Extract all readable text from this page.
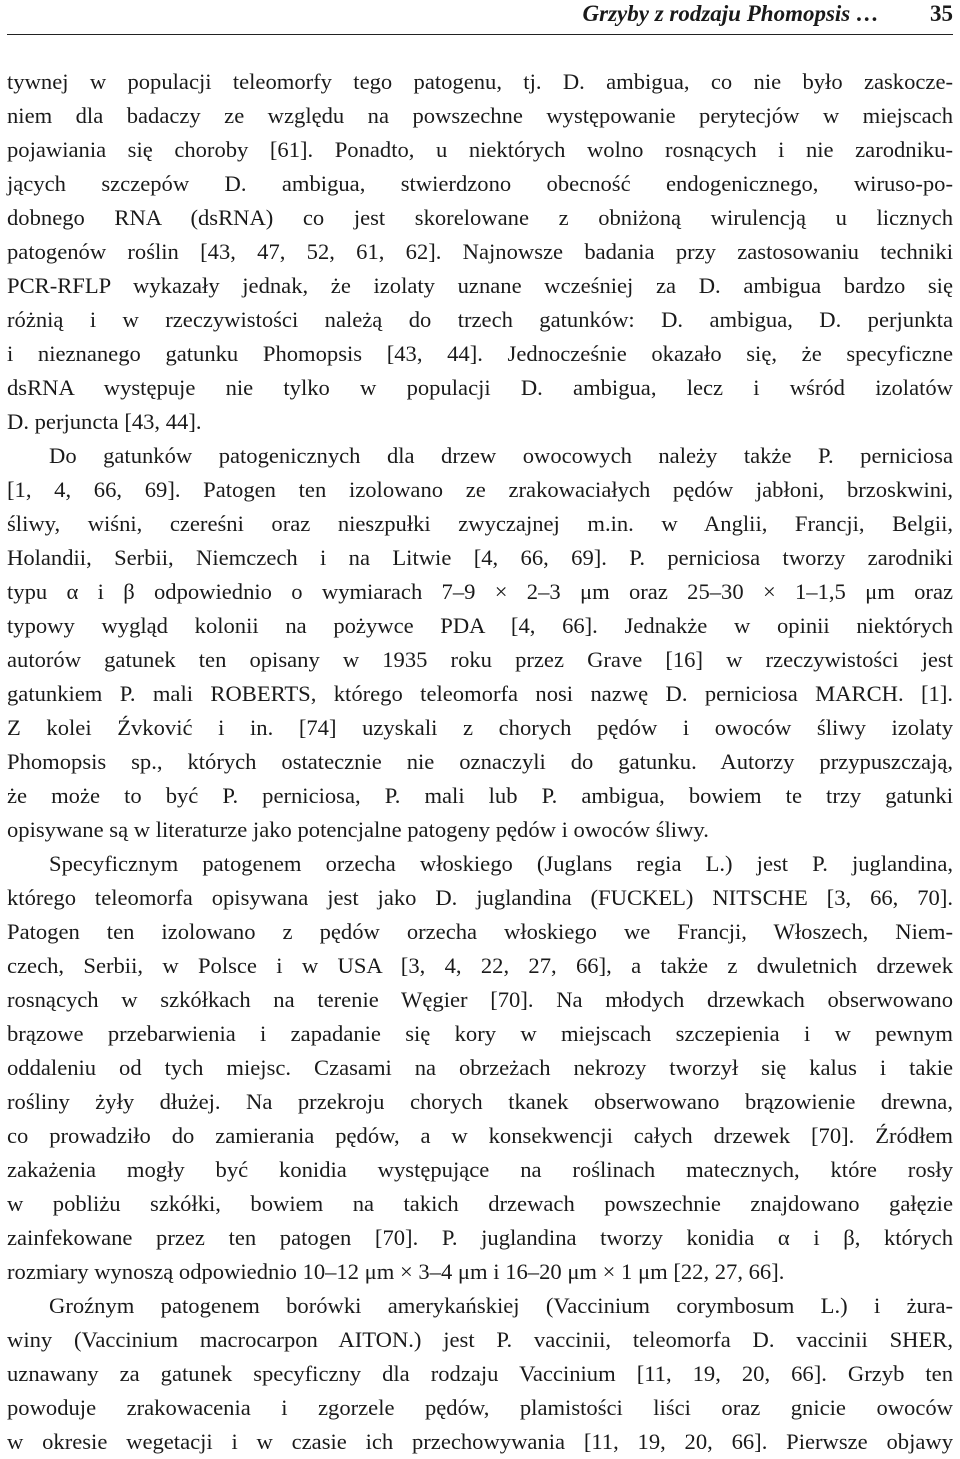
Grzyby z rodzaju Phomopsis … 35

tywnej w populacji teleomorfy tego patogenu, tj. D. ambigua, co nie było zaskocze-
niem dla badaczy ze względu na powszechne występowanie perytecjów w miejscach
pojawiania się choroby [61]. Ponadto, u niektórych wolno rosnących i nie zarodniku-
jących szczepów D. ambigua, stwierdzono obecność endogenicznego, wiruso-po-
dobnego RNA (dsRNA) co jest skorelowane z obniżoną wirulencją u licznych
patogenów roślin [43, 47, 52, 61, 62]. Najnowsze badania przy zastosowaniu techniki
PCR-RFLP wykazały jednak, że izolaty uznane wcześniej za D. ambigua bardzo się
różnią i w rzeczywistości należą do trzech gatunków: D. ambigua, D. perjunkta
i nieznanego gatunku Phomopsis [43, 44]. Jednocześnie okazało się, że specyficzne
dsRNA występuje nie tylko w populacji D. ambigua, lecz i wśród izolatów
D. perjuncta [43, 44].

Do gatunków patogenicznych dla drzew owocowych należy także P. perniciosa
[1, 4, 66, 69]. Patogen ten izolowano ze zrakowaciałych pędów jabłoni, brzoskwini,
śliwy, wiśni, czereśni oraz nieszpułki zwyczajnej m.in. w Anglii, Francji, Belgii,
Holandii, Serbii, Niemczech i na Litwie [4, 66, 69]. P. perniciosa tworzy zarodniki
typu α i β odpowiednio o wymiarach 7–9 × 2–3 μm oraz 25–30 × 1–1,5 μm oraz
typowy wygląd kolonii na pożywce PDA [4, 66]. Jednakże w opinii niektórych
autorów gatunek ten opisany w 1935 roku przez Grave [16] w rzeczywistości jest
gatunkiem P. mali ROBERTS, którego teleomorfa nosi nazwę D. perniciosa MARCH. [1].
Z kolei Źvković i in. [74] uzyskali z chorych pędów i owoców śliwy izolaty
Phomopsis sp., których ostatecznie nie oznaczyli do gatunku. Autorzy przypuszczają,
że może to być P. perniciosa, P. mali lub P. ambigua, bowiem te trzy gatunki
opisywane są w literaturze jako potencjalne patogeny pędów i owoców śliwy.

Specyficznym patogenem orzecha włoskiego (Juglans regia L.) jest P. juglandina,
którego teleomorfa opisywana jest jako D. juglandina (FUCKEL) NITSCHE [3, 66, 70].
Patogen ten izolowano z pędów orzecha włoskiego we Francji, Włoszech, Niem-
czech, Serbii, w Polsce i w USA [3, 4, 22, 27, 66], a także z dwuletnich drzewek
rosnących w szkółkach na terenie Węgier [70]. Na młodych drzewkach obserwowano
brązowe przebarwienia i zapadanie się kory w miejscach szczepienia i w pewnym
oddaleniu od tych miejsc. Czasami na obrzeżach nekrozy tworzył się kalus i takie
rośliny żyły dłużej. Na przekroju chorych tkanek obserwowano brązowienie drewna,
co prowadziło do zamierania pędów, a w konsekwencji całych drzewek [70]. Źródłem
zakażenia mogły być konidia występujące na roślinach matecznych, które rosły
w pobliżu szkółki, bowiem na takich drzewach powszechnie znajdowano gałęzie
zainfekowane przez ten patogen [70]. P. juglandina tworzy konidia α i β, których
rozmiary wynoszą odpowiednio 10–12 μm × 3–4 μm i 16–20 μm × 1 μm [22, 27, 66].

Groźnym patogenem borówki amerykańskiej (Vaccinium corymbosum L.) i żura-
winy (Vaccinium macrocarpon AITON.) jest P. vaccinii, teleomorfa D. vaccinii SHER,
uznawany za gatunek specyficzny dla rodzaju Vaccinium [11, 19, 20, 66]. Grzyb ten
powoduje zrakowacenia i zgorzele pędów, plamistości liści oraz gnicie owoców
w okresie wegetacji i w czasie ich przechowywania [11, 19, 20, 66]. Pierwsze objawy
